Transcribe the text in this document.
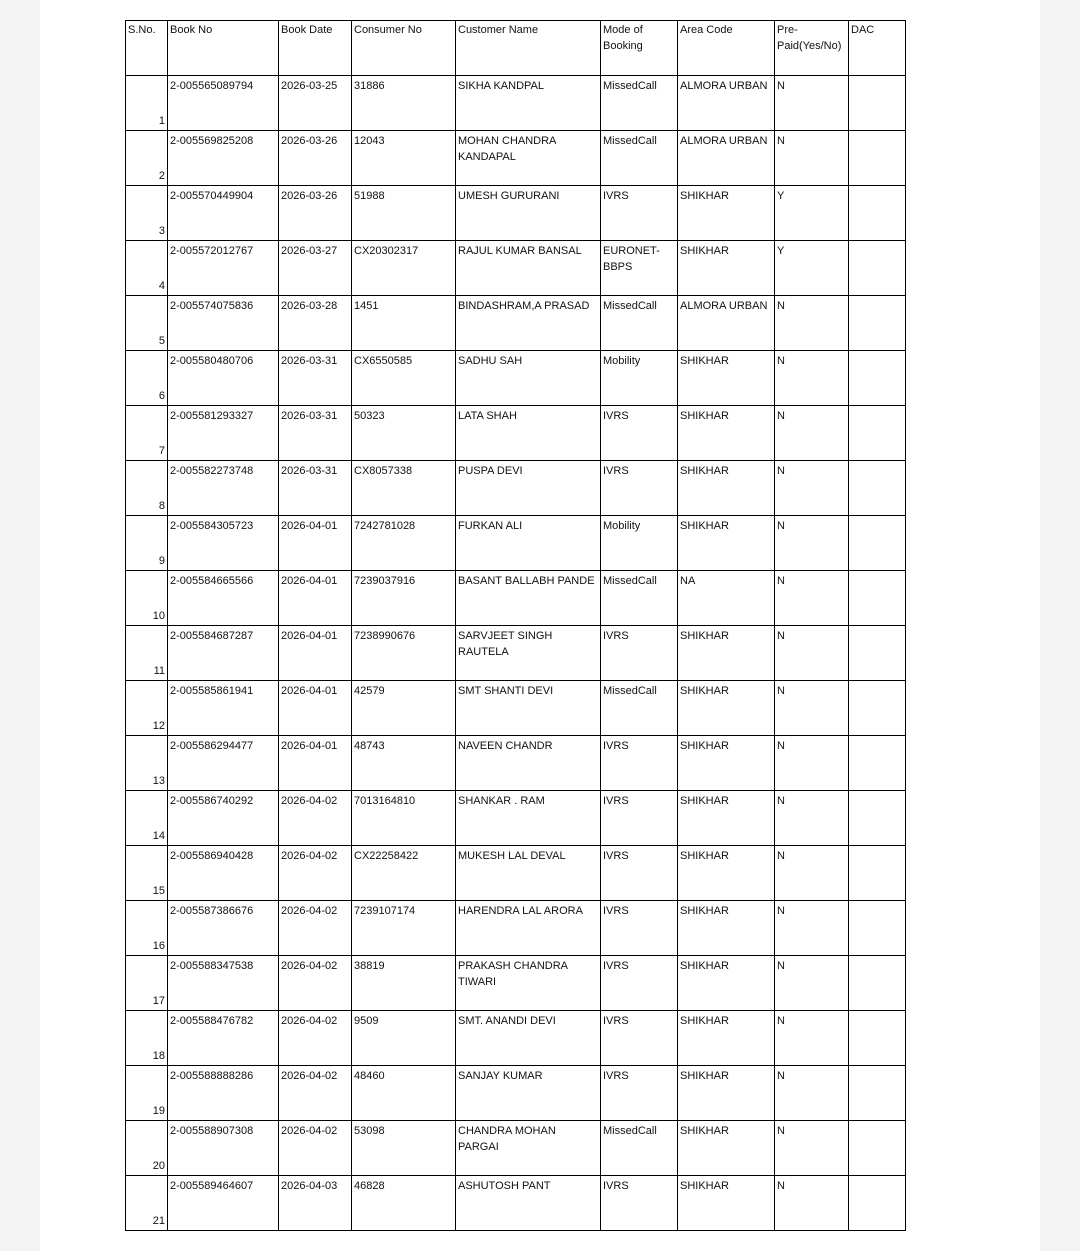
S.No.	Book No	Book Date	Consumer No	Customer Name	Mode of Booking	Area Code	Pre-Paid(Yes/No)	DAC
1	2-005565089794	2026-03-25	31886	SIKHA KANDPAL	MissedCall	ALMORA URBAN	N	
2	2-005569825208	2026-03-26	12043	MOHAN CHANDRA KANDAPAL	MissedCall	ALMORA URBAN	N	
3	2-005570449904	2026-03-26	51988	UMESH GURURANI	IVRS	SHIKHAR	Y	
4	2-005572012767	2026-03-27	CX20302317	RAJUL KUMAR BANSAL	EURONET-BBPS	SHIKHAR	Y	
5	2-005574075836	2026-03-28	1451	BINDASHRAM,A PRASAD	MissedCall	ALMORA URBAN	N	
6	2-005580480706	2026-03-31	CX6550585	SADHU SAH	Mobility	SHIKHAR	N	
7	2-005581293327	2026-03-31	50323	LATA SHAH	IVRS	SHIKHAR	N	
8	2-005582273748	2026-03-31	CX8057338	PUSPA DEVI	IVRS	SHIKHAR	N	
9	2-005584305723	2026-04-01	7242781028	FURKAN ALI	Mobility	SHIKHAR	N	
10	2-005584665566	2026-04-01	7239037916	BASANT BALLABH PANDE	MissedCall	NA	N	
11	2-005584687287	2026-04-01	7238990676	SARVJEET SINGH RAUTELA	IVRS	SHIKHAR	N	
12	2-005585861941	2026-04-01	42579	SMT SHANTI DEVI	MissedCall	SHIKHAR	N	
13	2-005586294477	2026-04-01	48743	NAVEEN CHANDR	IVRS	SHIKHAR	N	
14	2-005586740292	2026-04-02	7013164810	SHANKAR . RAM	IVRS	SHIKHAR	N	
15	2-005586940428	2026-04-02	CX22258422	MUKESH LAL DEVAL	IVRS	SHIKHAR	N	
16	2-005587386676	2026-04-02	7239107174	HARENDRA LAL ARORA	IVRS	SHIKHAR	N	
17	2-005588347538	2026-04-02	38819	PRAKASH CHANDRA TIWARI	IVRS	SHIKHAR	N	
18	2-005588476782	2026-04-02	9509	SMT. ANANDI DEVI	IVRS	SHIKHAR	N	
19	2-005588888286	2026-04-02	48460	SANJAY KUMAR	IVRS	SHIKHAR	N	
20	2-005588907308	2026-04-02	53098	CHANDRA MOHAN PARGAI	MissedCall	SHIKHAR	N	
21	2-005589464607	2026-04-03	46828	ASHUTOSH PANT	IVRS	SHIKHAR	N	
